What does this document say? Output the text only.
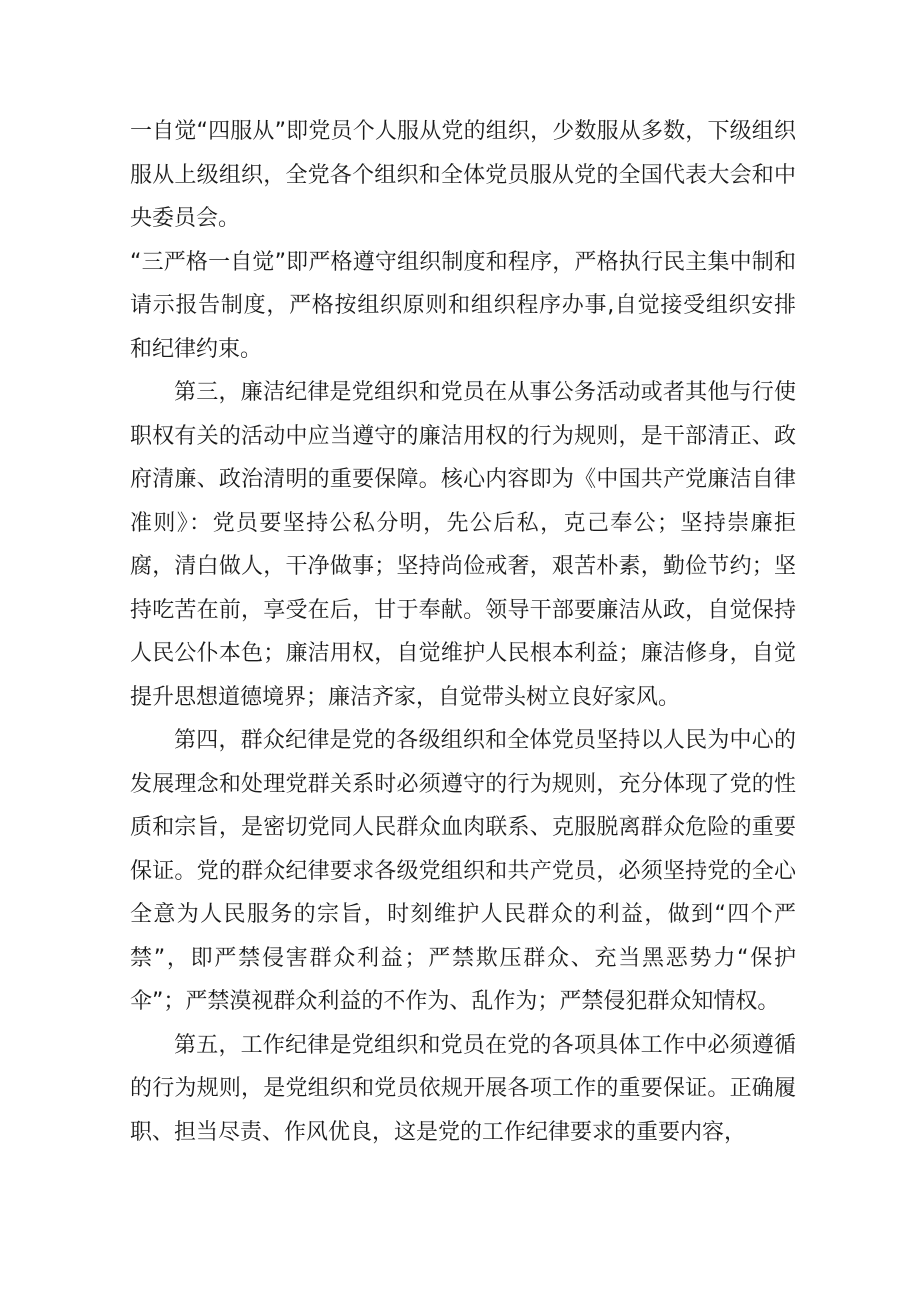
一自觉“四服从”即党员个人服从党的组织，少数服从多数，下级组织服从上级组织，全党各个组织和全体党员服从党的全国代表大会和中央委员会。

“三严格一自觉”即严格遵守组织制度和程序，严格执行民主集中制和请示报告制度，严格按组织原则和组织程序办事,自觉接受组织安排和纪律约束。

第三，廉洁纪律是党组织和党员在从事公务活动或者其他与行使职权有关的活动中应当遵守的廉洁用权的行为规则，是干部清正、政府清廉、政治清明的重要保障。核心内容即为《中国共产党廉洁自律准则》：党员要坚持公私分明，先公后私，克己奉公；坚持崇廉拒腐，清白做人，干净做事；坚持尚俭戒奢，艰苦朴素，勤俭节约；坚持吃苦在前，享受在后，甘于奉献。领导干部要廉洁从政，自觉保持人民公仆本色；廉洁用权，自觉维护人民根本利益；廉洁修身，自觉提升思想道德境界；廉洁齐家，自觉带头树立良好家风。

第四，群众纪律是党的各级组织和全体党员坚持以人民为中心的发展理念和处理党群关系时必须遵守的行为规则，充分体现了党的性质和宗旨，是密切党同人民群众血肉联系、克服脱离群众危险的重要保证。党的群众纪律要求各级党组织和共产党员，必须坚持党的全心全意为人民服务的宗旨，时刻维护人民群众的利益，做到“四个严禁”，即严禁侵害群众利益；严禁欺压群众、充当黑恶势力“保护伞”；严禁漠视群众利益的不作为、乱作为；严禁侵犯群众知情权。

第五，工作纪律是党组织和党员在党的各项具体工作中必须遵循的行为规则，是党组织和党员依规开展各项工作的重要保证。正确履职、担当尽责、作风优良，这是党的工作纪律要求的重要内容，
